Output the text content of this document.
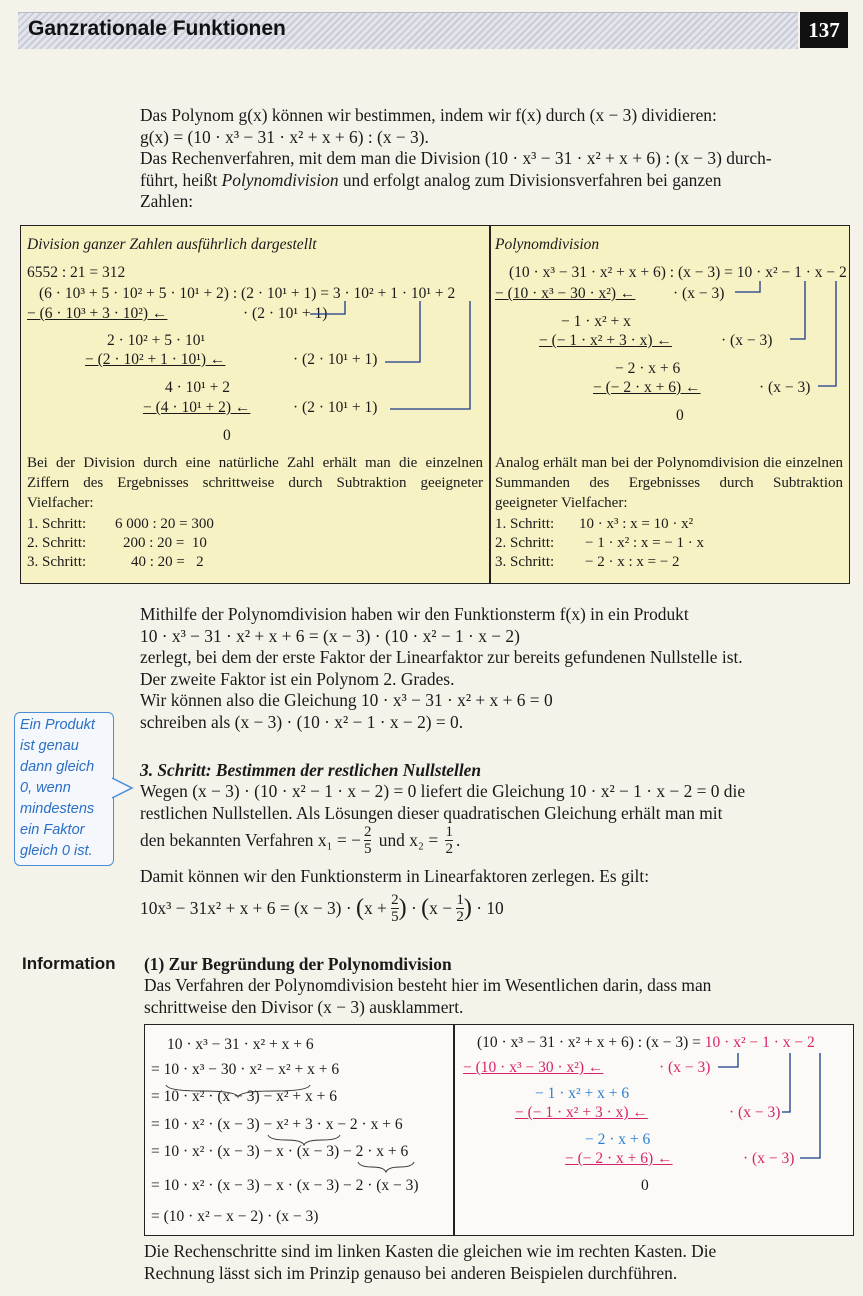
Ganzrationale Funktionen	137
Das Polynom g(x) können wir bestimmen, indem wir f(x) durch (x − 3) dividieren:
g(x) = (10 · x³ − 31 · x² + x + 6) : (x − 3).
Das Rechenverfahren, mit dem man die Division (10 · x³ − 31 · x² + x + 6) : (x − 3) durch-
führt, heißt Polynomdivision und erfolgt analog zum Divisionsverfahren bei ganzen
Zahlen:
Division ganzer Zahlen ausführlich dargestellt
6552 : 21 = 312
(6 · 10³ + 5 · 10² + 5 · 10¹ + 2) : (2 · 10¹ + 1) = 3 · 10² + 1 · 10¹ + 2
− (6 · 10³ + 3 · 10²) ←	· (2 · 10¹ + 1)
2 · 10² + 5 · 10¹
− (2 · 10² + 1 · 10¹) ←	· (2 · 10¹ + 1)
4 · 10¹ + 2
− (4 · 10¹ + 2) ←	· (2 · 10¹ + 1)
0
Bei der Division durch eine natürliche Zahl erhält man die einzelnen Ziffern des Ergebnisses schrittweise durch Subtraktion geeigneter Vielfacher:
1. Schritt: 6 000 : 20 = 300
2. Schritt: 200 : 20 =  10
3. Schritt:	40 : 20 =   2
Polynomdivision
(10 · x³ − 31 · x² + x + 6) : (x − 3) = 10 · x² − 1 · x − 2
− (10 · x³ − 30 · x²) ← · (x − 3)
− 1 · x² + x
− (− 1 · x² + 3 · x) ←	· (x − 3)
− 2 · x + 6
− (− 2 · x + 6) ←	· (x − 3)
0
Analog erhält man bei der Polynomdivision die einzelnen Summanden des Ergebnisses durch Subtraktion geeigneter Vielfacher:
1. Schritt: 10 · x³ : x = 10 · x²
2. Schritt: − 1 · x² : x = − 1 · x
3. Schritt: − 2 · x : x = − 2
Mithilfe der Polynomdivision haben wir den Funktionsterm f(x) in ein Produkt
10 · x³ − 31 · x² + x + 6 = (x − 3) · (10 · x² − 1 · x − 2)
zerlegt, bei dem der erste Faktor der Linearfaktor zur bereits gefundenen Nullstelle ist.
Der zweite Faktor ist ein Polynom 2. Grades.
Wir können also die Gleichung 10 · x³ − 31 · x² + x + 6 = 0
schreiben als (x − 3) · (10 · x² − 1 · x − 2) = 0.
Ein Produkt
ist genau
dann gleich
0, wenn
mindestens
ein Faktor
gleich 0 ist.
3. Schritt: Bestimmen der restlichen Nullstellen
Wegen (x − 3) · (10 · x² − 1 · x − 2) = 0 liefert die Gleichung 10 · x² − 1 · x − 2 = 0 die
restlichen Nullstellen. Als Lösungen dieser quadratischen Gleichung erhält man mit
den bekannten Verfahren x₁ = − $\frac{2}{5}$ und $x_2 = \frac{1}{2}$ .
Damit können wir den Funktionsterm in Linearfaktoren zerlegen. Es gilt:
$10x^3 - 31x^2 + x + 6 = (x - 3) \cdot (x + \frac{2}{5}$ ) · ($x - \frac{1}{2}$ ) · 10
Information (1) Zur Begründung der Polynomdivision
Das Verfahren der Polynomdivision besteht hier im Wesentlichen darin, dass man
schrittweise den Divisor (x − 3) ausklammert.
10 · x³ − 31 · x² + x + 6
= 10 · x³ − 30 · x² − x² + x + 6
= 10 · x² · (x − 3) − x² + x + 6
= 10 · x² · (x − 3) − x² + 3 · x − 2 · x + 6
= 10 · x² · (x − 3) − x · (x − 3) − 2 · x + 6
= 10 · x² · (x − 3) − x · (x − 3) − 2 · (x − 3)
= (10 · x² − x − 2) · (x − 3)
(10 · x³ − 31 · x² + x + 6) : (x − 3) = 10 · x² − 1 · x − 2
− (10 · x³ − 30 · x²) ←	· (x − 3)
− 1 · x² + x + 6
− (− 1 · x² + 3 · x) ←	· (x − 3)
− 2 · x + 6
− (− 2 · x + 6) ←	· (x − 3)
0
Die Rechenschritte sind im linken Kasten die gleichen wie im rechten Kasten. Die
Rechnung lässt sich im Prinzip genauso bei anderen Beispielen durchführen.
